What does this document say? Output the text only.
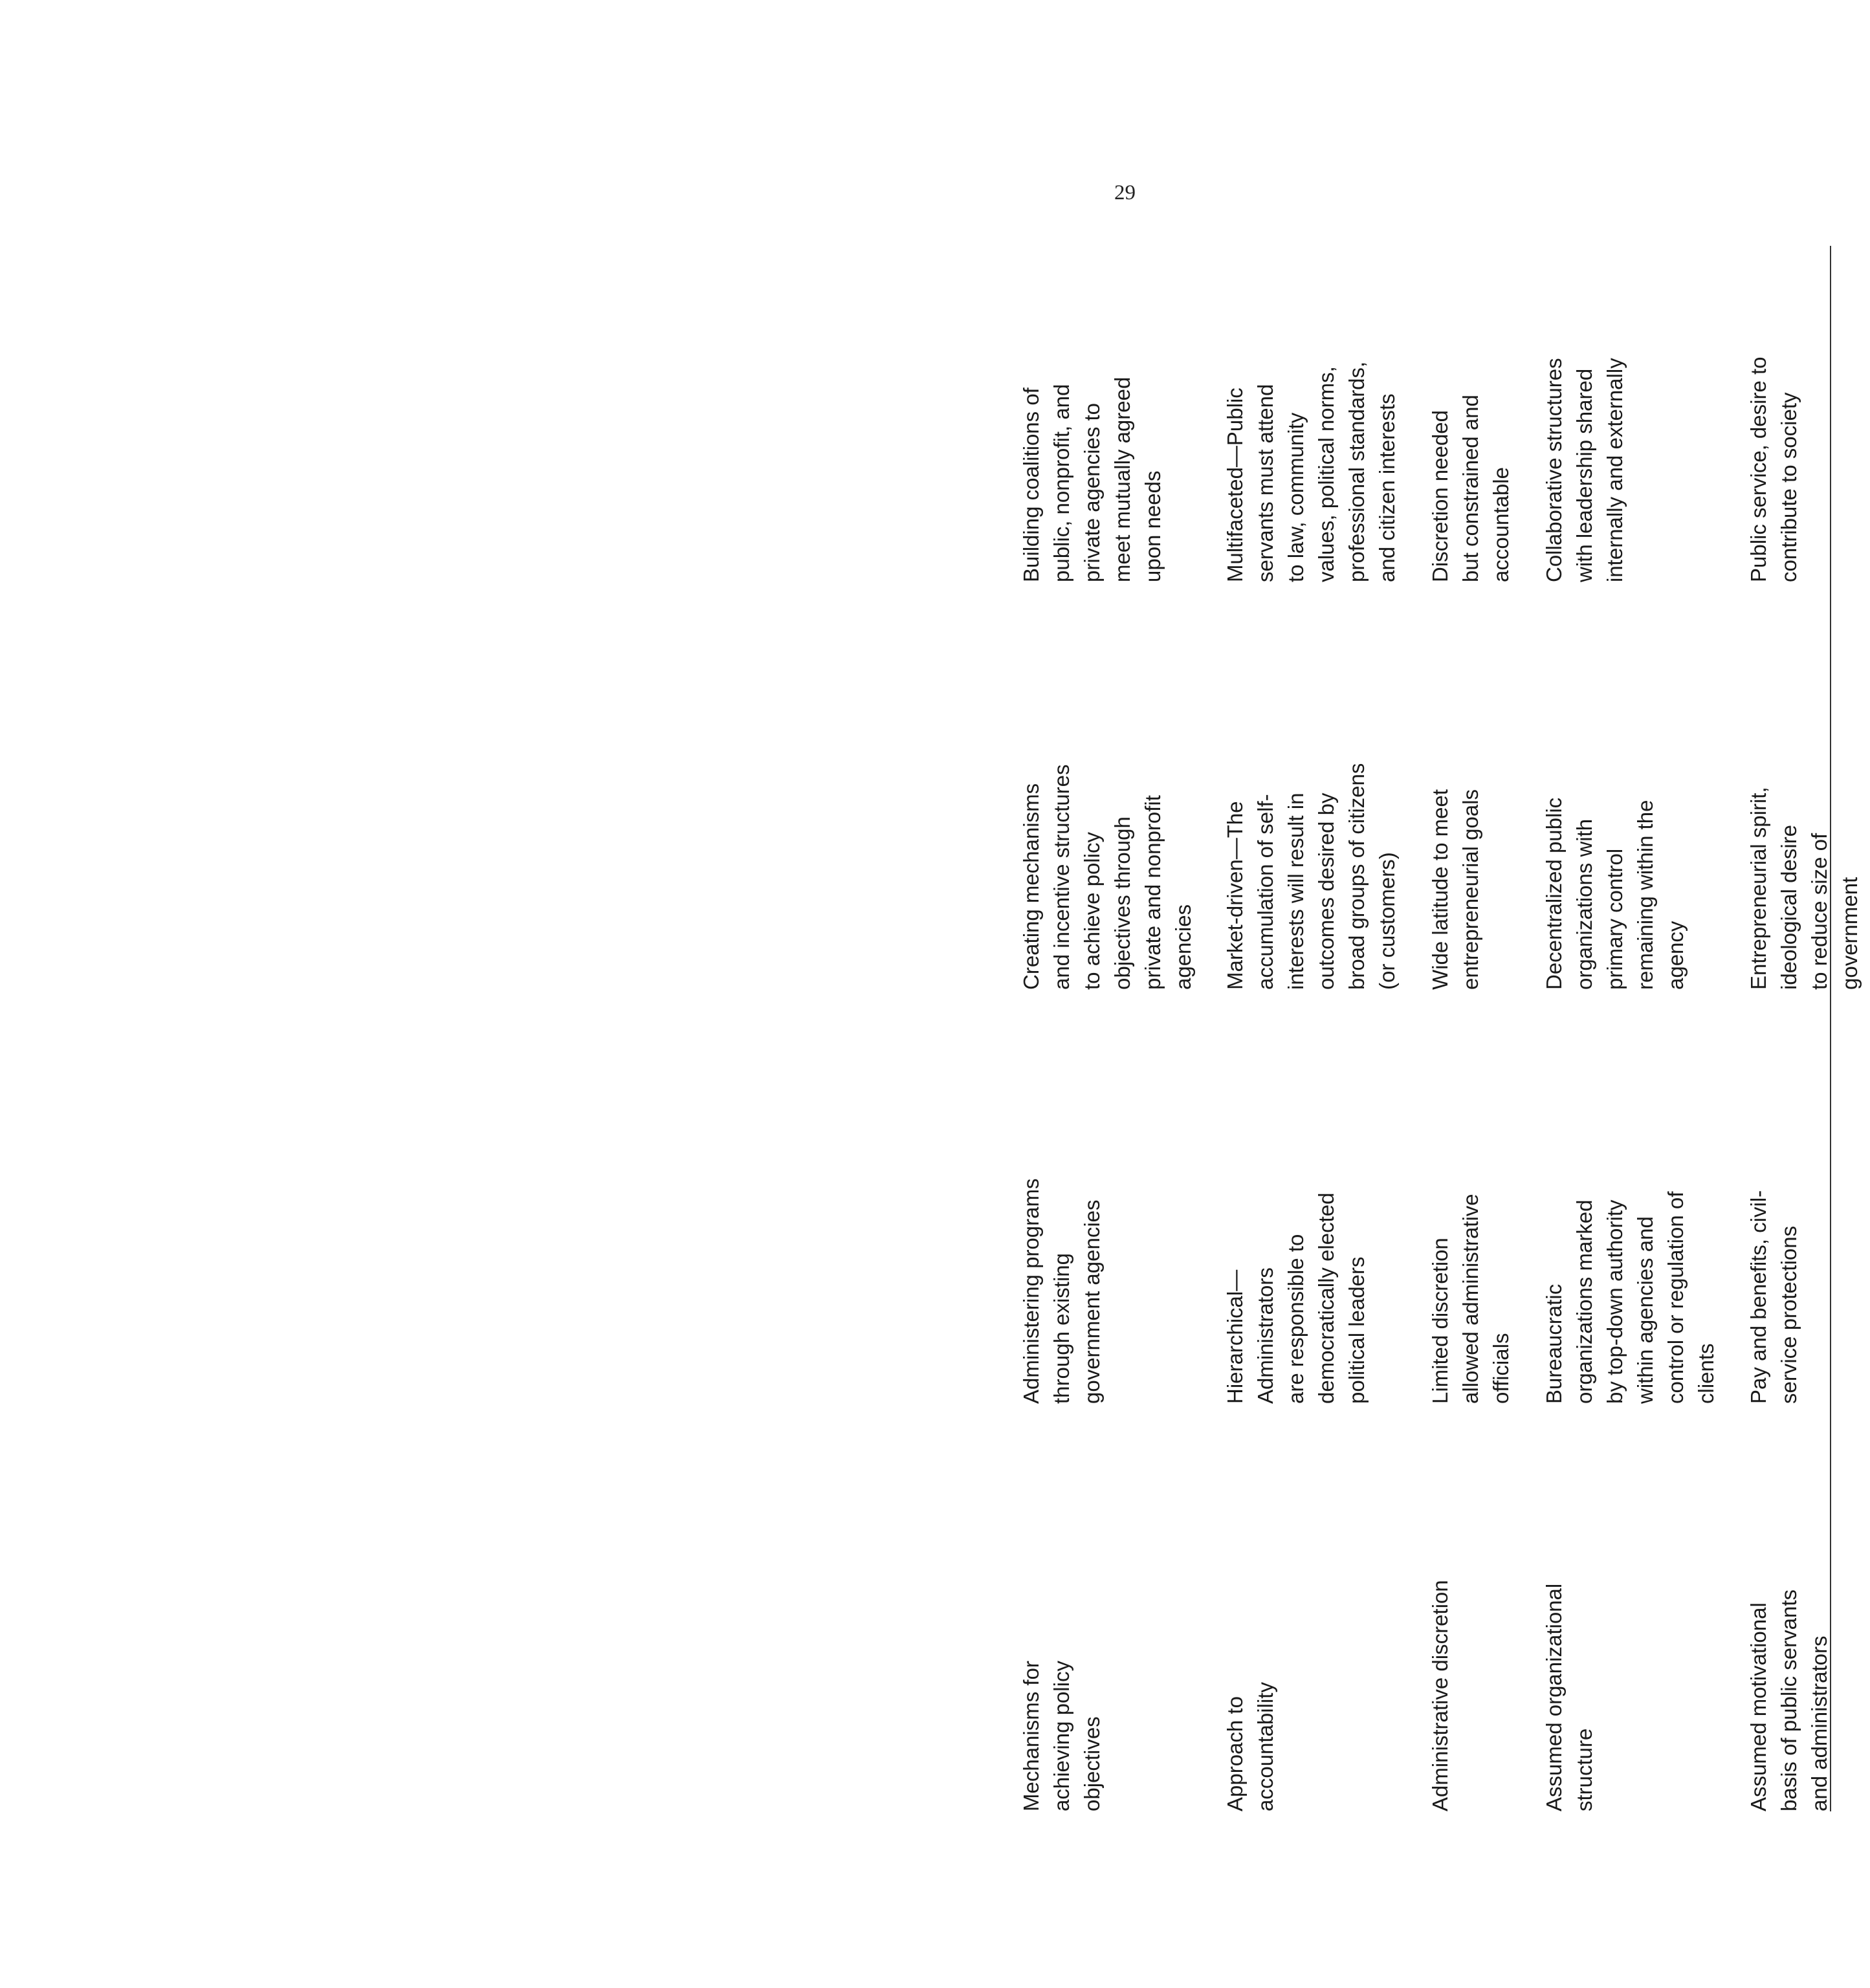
29
Mechanisms for achieving policy objectives
Administering programs through existing government agencies
Creating mechanisms and incentive structures to achieve policy objectives through private and nonprofit agencies
Building coalitions of public, nonprofit, and private agencies to meet mutually agreed upon needs
Approach to accountability
Hierarchical— Administrators are responsible to democratically elected political leaders
Market-driven—The accumulation of self- interests will result in outcomes desired by broad groups of citizens (or customers)
Multifaceted—Public servants must attend to law, community values, political norms, professional standards, and citizen interests
Administrative discretion
Limited discretion allowed administrative officials
Wide latitude to meet entrepreneurial goals
Discretion needed but constrained and accountable
Assumed organizational structure
Bureaucratic organizations marked by top-down authority within agencies and control or regulation of clients
Decentralized public organizations with primary control remaining within the agency
Collaborative structures with leadership shared internally and externally
Assumed motivational basis of public servants and administrators
Pay and benefits, civil- service protections
Entrepreneurial spirit, ideological desire to reduce size of government
Public service, desire to contribute to society
